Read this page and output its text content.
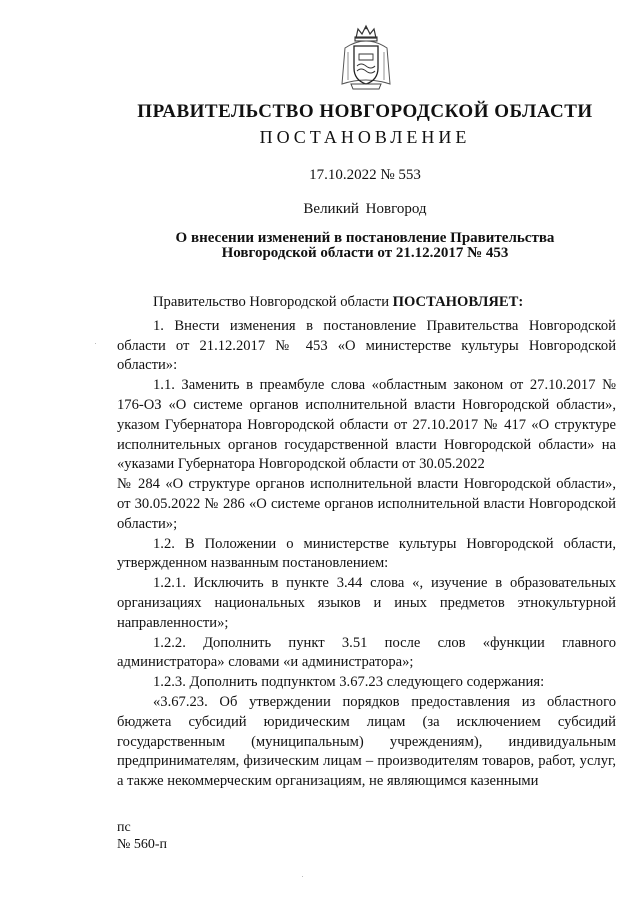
ПРАВИТЕЛЬСТВО НОВГОРОДСКОЙ ОБЛАСТИ
ПОСТАНОВЛЕНИЕ
17.10.2022 № 553
Великий Новгород
О внесении изменений в постановление Правительства
Новгородской области от 21.12.2017 № 453

Правительство Новгородской области ПОСТАНОВЛЯЕТ:

1. Внести изменения в постановление Правительства Новгородской области от 21.12.2017 № 453 «О министерстве культуры Новгородской области»:

1.1. Заменить в преамбуле слова «областным законом от 27.10.2017 № 176-ОЗ «О системе органов исполнительной власти Новгородской области», указом Губернатора Новгородской области от 27.10.2017 № 417 «О структуре исполнительных органов государственной власти Новгородской области» на «указами Губернатора Новгородской области от 30.05.2022

№ 284 «О структуре органов исполнительной власти Новгородской области», от 30.05.2022 № 286 «О системе органов исполнительной власти Новгородской области»;

1.2. В Положении о министерстве культуры Новгородской области, утвержденном названным постановлением:

1.2.1. Исключить в пункте 3.44 слова «, изучение в образовательных организациях национальных языков и иных предметов этнокультурной направленности»;

1.2.2. Дополнить пункт 3.51 после слов «функции главного администратора» словами «и администратора»;

1.2.3. Дополнить подпунктом 3.67.23 следующего содержания:

«3.67.23. Об утверждении порядков предоставления из областного бюджета субсидий юридическим лицам (за исключением субсидий государственным (муниципальным) учреждениям), индивидуальным предпринимателям, физическим лицам – производителям товаров, работ, услуг, а также некоммерческим организациям, не являющимся казенными

пс
№ 560-п
